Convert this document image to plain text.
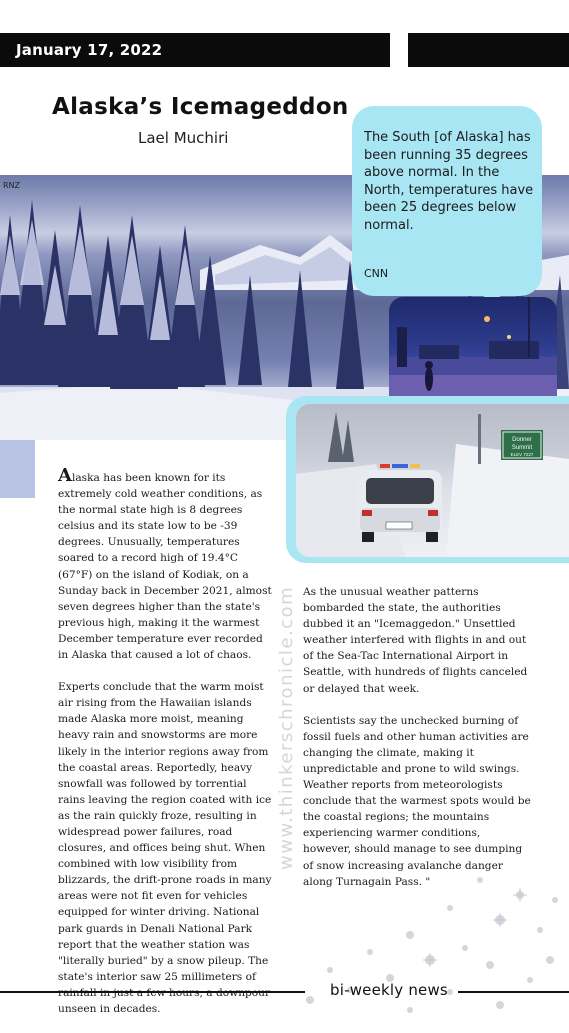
January 17, 2022
Alaska’s Icemageddon
Lael Muchiri
RNZ
The South [of Alaska] has been running 35 degrees above normal. In the North, temperatures have been 25 degrees below normal.
CNN
Donner
Summit
ELEV 7227
www.thinkerschronicle.com

Alaska has been known for its extremely cold weather conditions, as the normal state high is 8 degrees celsius and its state low to be -39 degrees. Unusually, temperatures soared to a record high of 19.4°C (67°F) on the island of Kodiak, on a Sunday back in December 2021, almost seven degrees higher than the state's previous high, making it the warmest December temperature ever recorded in Alaska that caused a lot of chaos.

Experts conclude that the warm moist air rising from the Hawaiian islands made Alaska more moist, meaning heavy rain and snowstorms are more likely in the interior regions away from the coastal areas. Reportedly, heavy snowfall was followed by torrential rains leaving the region coated with ice as the rain quickly froze, resulting in widespread power failures, road closures, and offices being shut. When combined with low visibility from blizzards, the drift-prone roads in many areas were not fit even for vehicles equipped for winter driving. National park guards in Denali National Park report that the weather station was "literally buried" by a snow pileup. The state's interior saw 25 millimeters of unseen in decades.

As the unusual weather patterns bombarded the state, the authorities dubbed it an "Icemaggedon." Unsettled weather interfered with flights in and out of the Sea-Tac International Airport in Seattle, with hundreds of flights canceled or delayed that week.

Scientists say the unchecked burning of fossil fuels and other human activities are changing the climate, making it unpredictable and prone to wild swings. Weather reports from meteorologists conclude that the warmest spots would be the coastal regions; the mountains experiencing warmer conditions, however, should manage to see dumping of snow increasing avalanche danger along Turnagain Pass. "

bi-weekly news
